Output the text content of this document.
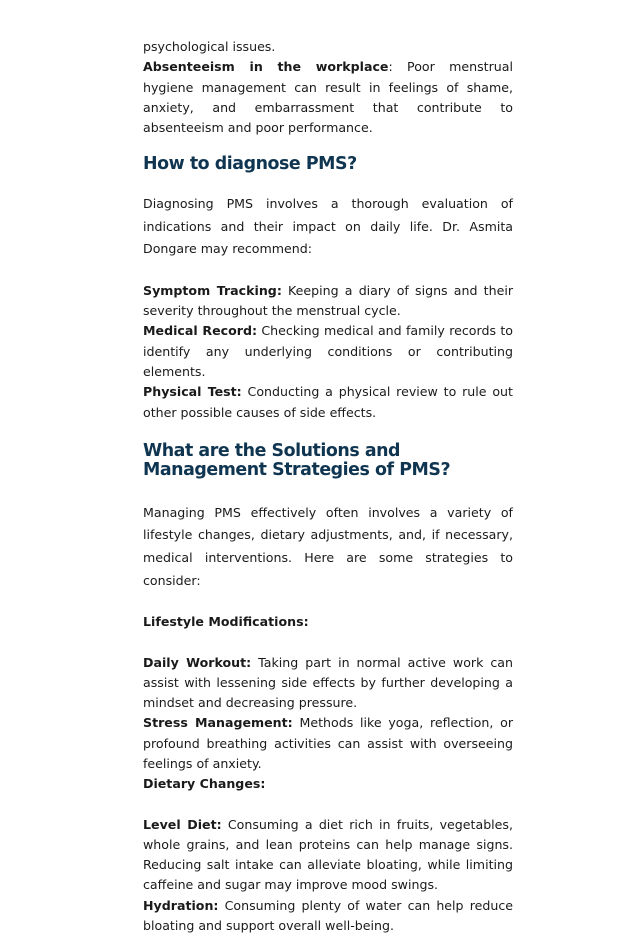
psychological issues.

Absenteeism in the workplace: Poor menstrual hygiene management can result in feelings of shame, anxiety, and embarrassment that contribute to absenteeism and poor performance.

How to diagnose PMS?

Diagnosing PMS involves a thorough evaluation of indications and their impact on daily life. Dr. Asmita Dongare may recommend:

Symptom Tracking: Keeping a diary of signs and their severity throughout the menstrual cycle.

Medical Record: Checking medical and family records to identify any underlying conditions or contributing elements.

Physical Test: Conducting a physical review to rule out other possible causes of side effects.

What are the Solutions and
Management Strategies of PMS?

Managing PMS effectively often involves a variety of lifestyle changes, dietary adjustments, and, if necessary, medical interventions. Here are some strategies to consider:

Lifestyle Modifications:

Daily Workout: Taking part in normal active work can assist with lessening side effects by further developing a mindset and decreasing pressure.

Stress Management: Methods like yoga, reflection, or profound breathing activities can assist with overseeing feelings of anxiety.

Dietary Changes:

Level Diet: Consuming a diet rich in fruits, vegetables, whole grains, and lean proteins can help manage signs. Reducing salt intake can alleviate bloating, while limiting caffeine and sugar may improve mood swings.

Hydration: Consuming plenty of water can help reduce bloating and support overall well-being.
